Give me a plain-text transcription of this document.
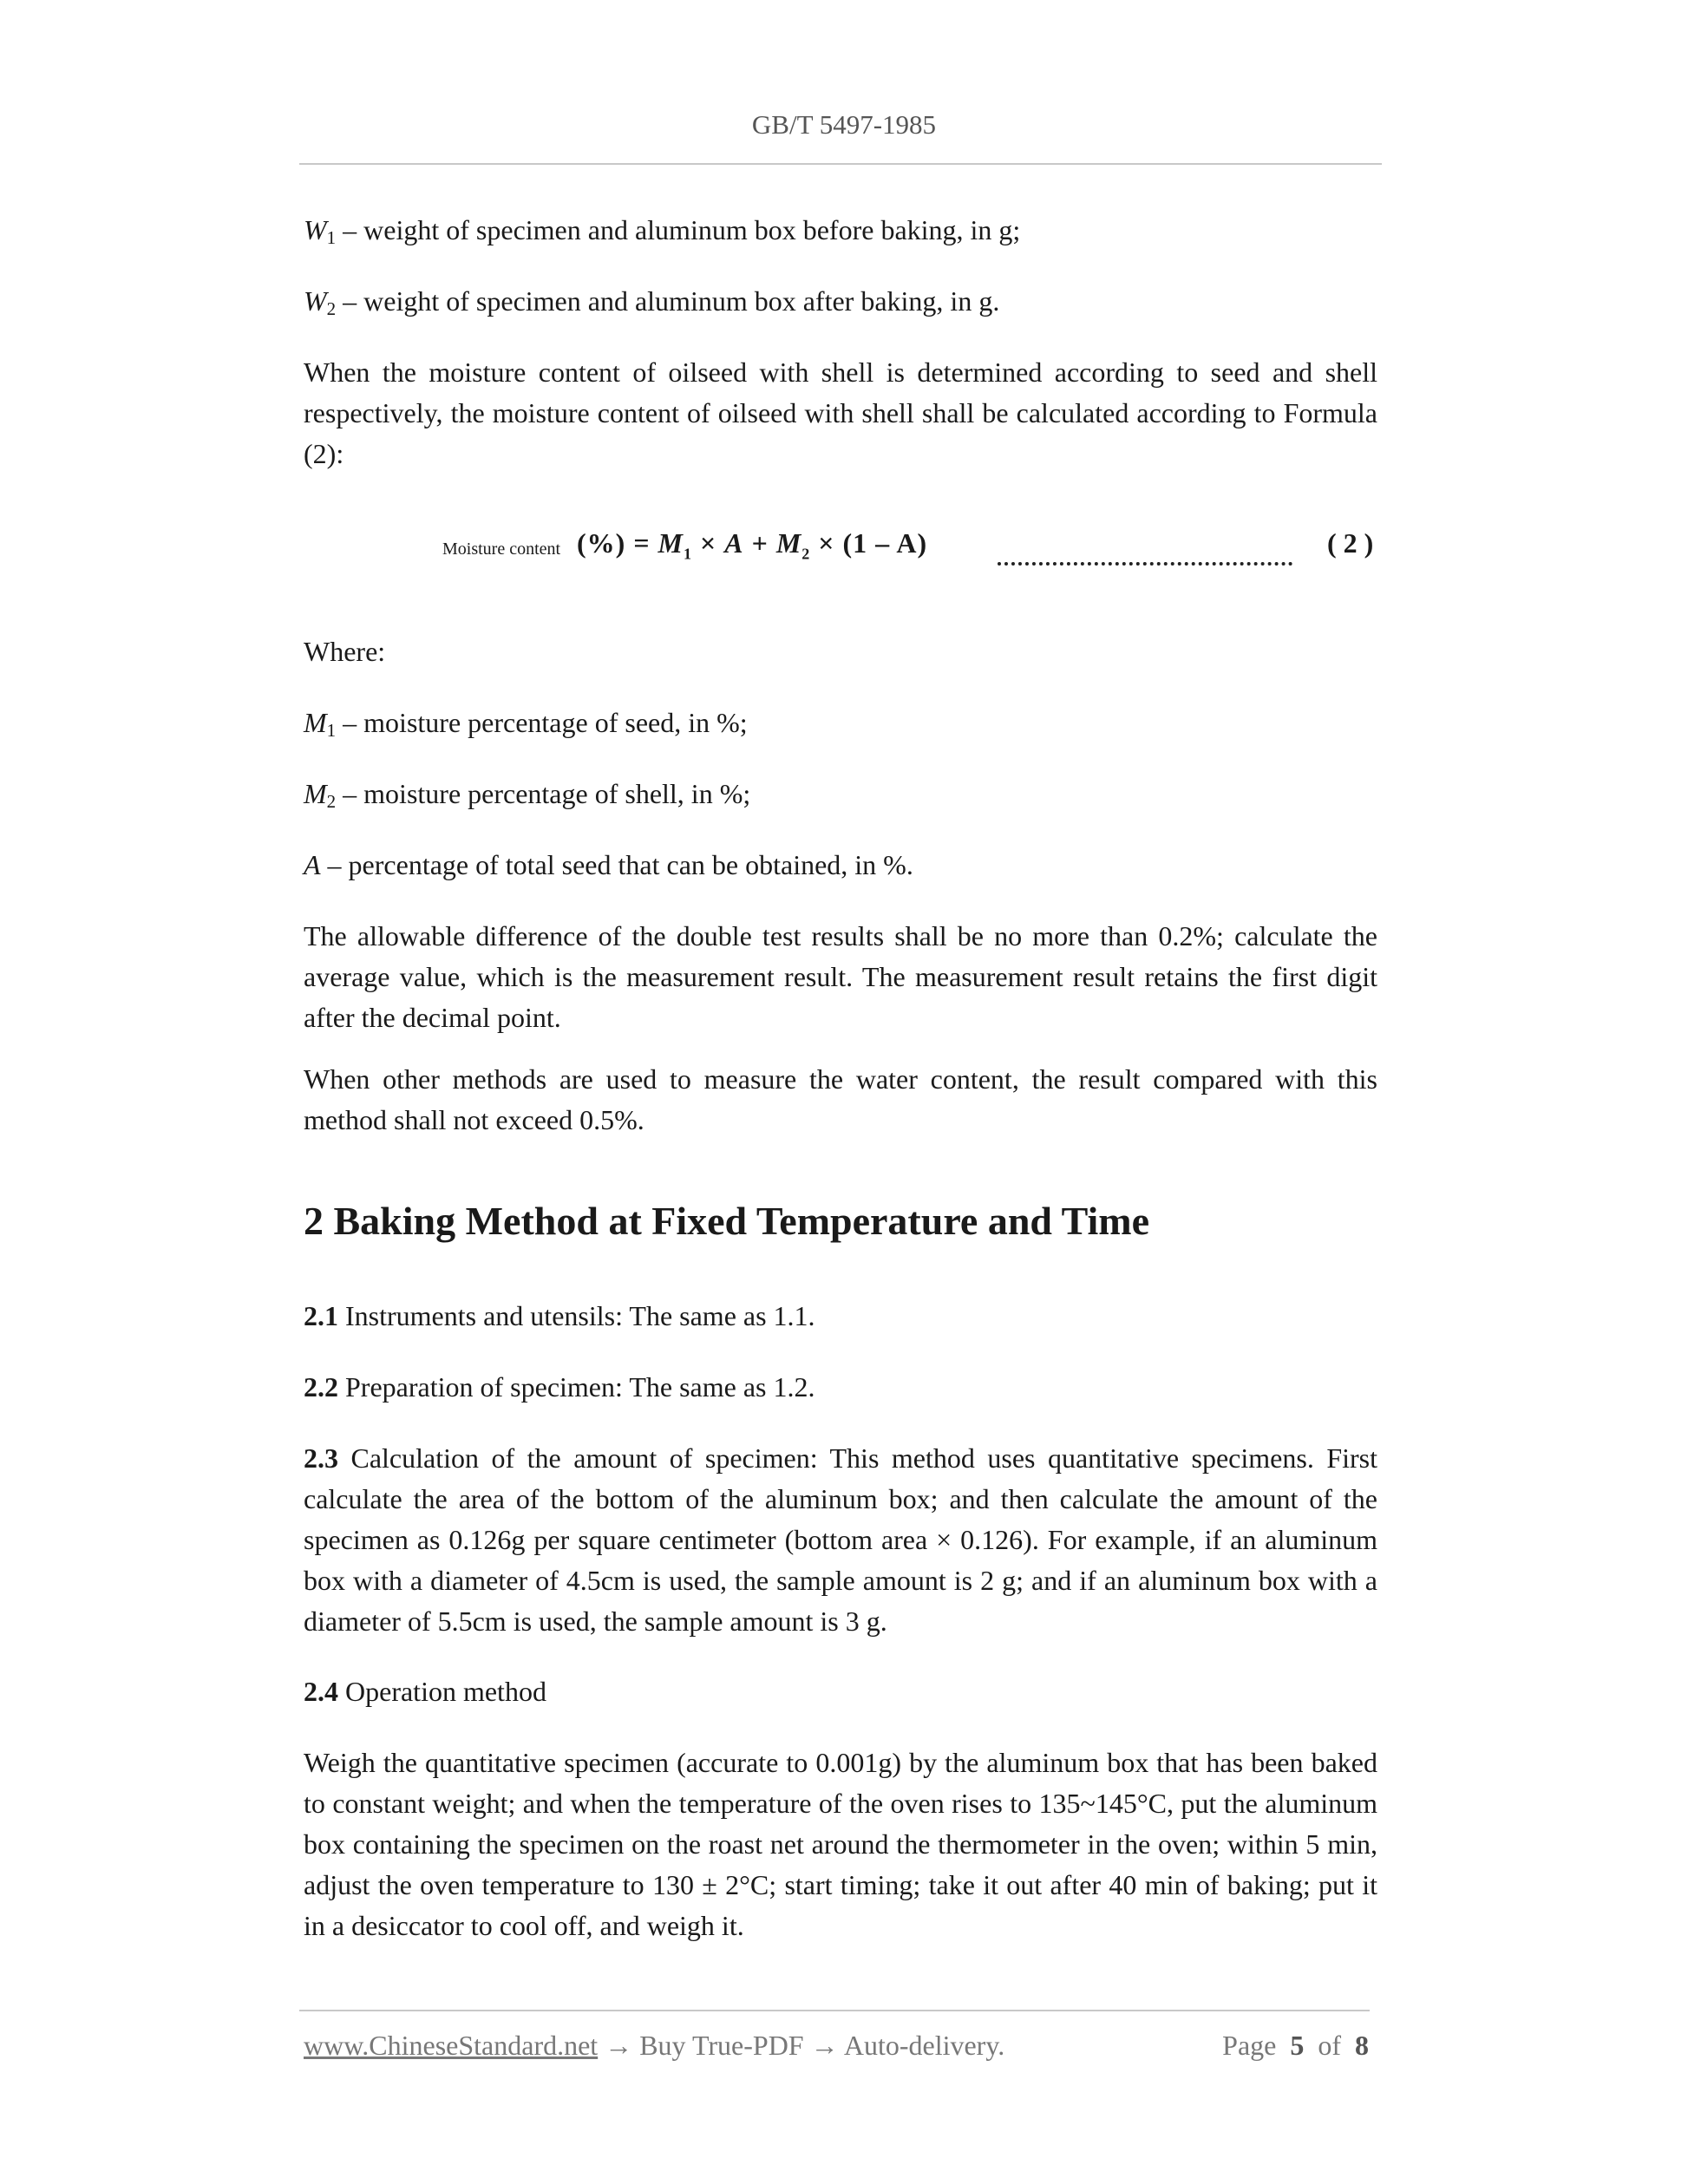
GB/T 5497-1985
W1 – weight of specimen and aluminum box before baking, in g;
W2 – weight of specimen and aluminum box after baking, in g.
When the moisture content of oilseed with shell is determined according to seed and shell respectively, the moisture content of oilseed with shell shall be calculated according to Formula (2):
Where:
M1 – moisture percentage of seed, in %;
M2 – moisture percentage of shell, in %;
A – percentage of total seed that can be obtained, in %.
The allowable difference of the double test results shall be no more than 0.2%; calculate the average value, which is the measurement result. The measurement result retains the first digit after the decimal point.
When other methods are used to measure the water content, the result compared with this method shall not exceed 0.5%.
2 Baking Method at Fixed Temperature and Time
2.1 Instruments and utensils: The same as 1.1.
2.2 Preparation of specimen: The same as 1.2.
2.3 Calculation of the amount of specimen: This method uses quantitative specimens. First calculate the area of the bottom of the aluminum box; and then calculate the amount of the specimen as 0.126g per square centimeter (bottom area × 0.126). For example, if an aluminum box with a diameter of 4.5cm is used, the sample amount is 2 g; and if an aluminum box with a diameter of 5.5cm is used, the sample amount is 3 g.
2.4 Operation method
Weigh the quantitative specimen (accurate to 0.001g) by the aluminum box that has been baked to constant weight; and when the temperature of the oven rises to 135~145°C, put the aluminum box containing the specimen on the roast net around the thermometer in the oven; within 5 min, adjust the oven temperature to 130 ± 2°C; start timing; take it out after 40 min of baking; put it in a desiccator to cool off, and weigh it.
Moisture content (%) = $M_1 \times A + M_2 \times (1 - A)$	( 2 )
www.ChineseStandard.net → Buy True-PDF → Auto-delivery.	Page 5 of 8
